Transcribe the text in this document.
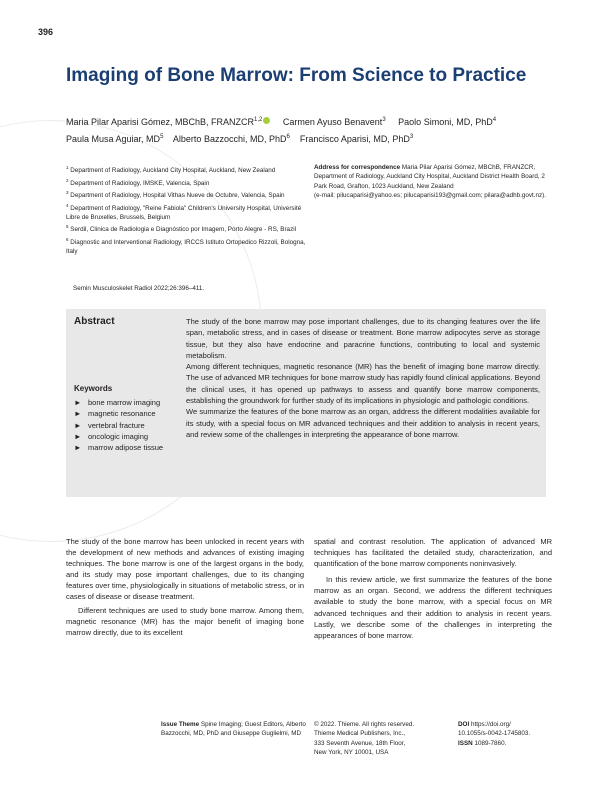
396
Imaging of Bone Marrow: From Science to Practice
Maria Pilar Aparisi Gómez, MBChB, FRANZCR$^{1,2}$ Carmen Ayuso Benavent$^3$ Paolo Simoni, MD, PhD$^4$
Paula Musa Aguiar, $MD^5$ Alberto Bazzocchi, MD, PhD$^6$ Francisco Aparisi, MD, PhD$^3$
$^1$ Department of Radiology, Auckland City Hospital, Auckland, New Zealand
$^2$ Department of Radiology, IMSKE, Valencia, Spain
$^3$ Department of Radiology, Hospital Vithas Nueve de Octubre, Valencia, Spain
$^4$ Department of Radiology, "Reine Fabiola" Children's University Hospital, Université Libre de Bruxelles, Brussels, Belgium
$^5$ Serdil, Clinica de Radiologia e Diagnóstico por Imagem, Porto Alegre - RS, Brazil
$^6$ Diagnostic and Interventional Radiology, IRCCS Istituto Ortopedico Rizzoli, Bologna, Italy
Address for correspondence Maria Pilar Aparisi Gómez, MBChB, FRANZCR, Department of Radiology, Auckland City Hospital, Auckland District Health Board, 2 Park Road, Grafton, 1023 Auckland, New Zealand
(e-mail: pilucaparisi@yahoo.es; pilucaparisi193@gmail.com; pilara@adhb.govt.nz).
Semin Musculoskelet Radiol 2022;26:396–411.
Abstract	The study of the bone marrow may pose important challenges, due to its changing features over the life span, metabolic stress, and in cases of disease or treatment. Bone marrow adipocytes serve as storage tissue, but they also have endocrine and paracrine functions, contributing to local and systemic metabolism.

Among different techniques, magnetic resonance (MR) has the benefit of imaging bone marrow directly. The use of advanced MR techniques for bone marrow study has rapidly found clinical applications. Beyond the clinical uses, it has opened up pathways to assess and quantify bone marrow components, establishing the groundwork for further study of its implications in physiologic and pathologic conditions.

We summarize the features of the bone marrow as an organ, address the different modalities available for its study, with a special focus on MR advanced techniques and their addition to analysis in recent years, and review some of the challenges in interpreting the appearance of bone marrow.

Keywords
► bone marrow imaging
► magnetic resonance
► vertebral fracture
► oncologic imaging
► marrow adipose tissue

The study of the bone marrow has been unlocked in recent years with the development of new methods and advances of existing imaging techniques. The bone marrow is one of the largest organs in the body, and its study may pose important challenges, due to its changing features over time, physiologically in situations of metabolic stress, or in cases of disease or disease treatment.

Different techniques are used to study bone marrow. Among them, magnetic resonance (MR) has the major benefit of imaging bone marrow directly, due to its excellent

spatial and contrast resolution. The application of advanced MR techniques has facilitated the detailed study, characterization, and quantification of the bone marrow components noninvasively.

In this review article, we first summarize the features of the bone marrow as an organ. Second, we address the different techniques available to study the bone marrow, with a special focus on MR advanced techniques and their addition to analysis in recent years. Lastly, we describe some of the challenges in interpreting the appearances of bone marrow.

Issue Theme Spine Imaging; Guest Editors, Alberto Bazzocchi, MD, PhD and Giuseppe Guglielmi, MD
© 2022. Thieme. All rights reserved.
Thieme Medical Publishers, Inc.,
333 Seventh Avenue, 18th Floor,
New York, NY 10001, USA
DOI https://doi.org/
10.1055/s-0042-1745803.
ISSN 1089-7860.
